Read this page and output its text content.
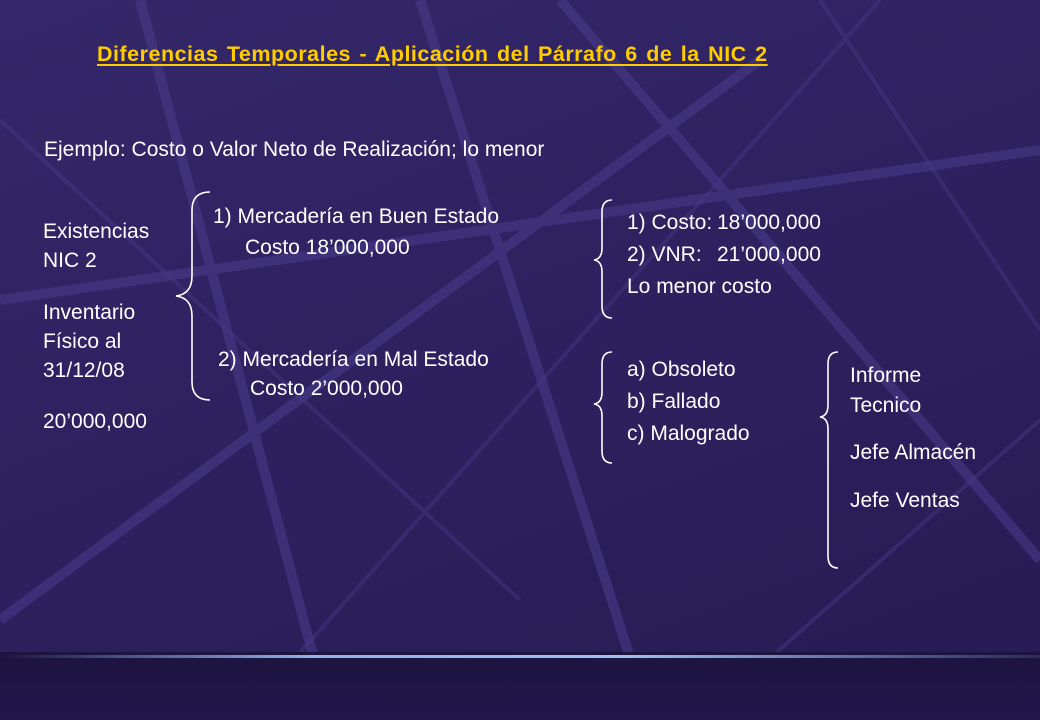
Diferencias Temporales - Aplicación del Párrafo 6 de la NIC 2
Ejemplo: Costo o Valor Neto de Realización; lo menor
Existencias
NIC 2
Inventario
Físico al
31/12/08
20’000,000
1) Mercadería en Buen Estado
Costo 18’000,000
2) Mercadería en Mal Estado
Costo 2’000,000
1) Costo: 18’000,000
2) VNR: 21’000,000
Lo menor costo
a) Obsoleto
b) Fallado
c) Malogrado
Informe
Tecnico
Jefe Almacén
Jefe Ventas
